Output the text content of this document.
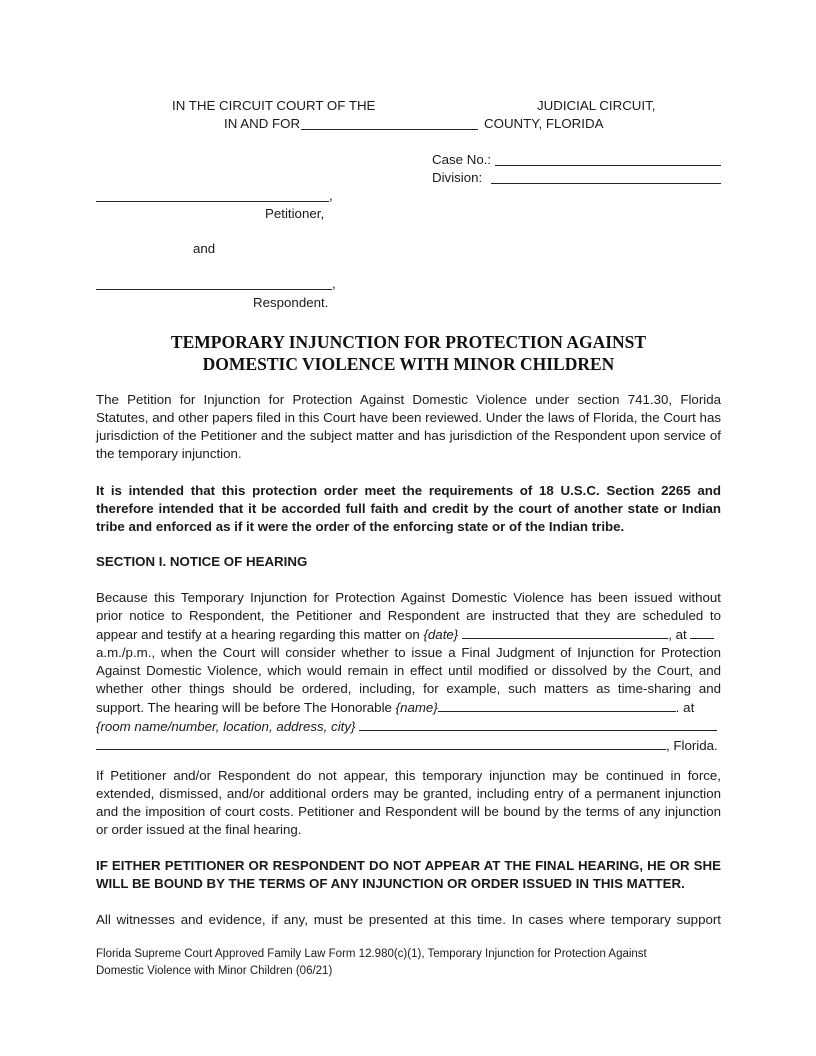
IN THE CIRCUIT COURT OF THE	JUDICIAL CIRCUIT,
IN AND FOR	COUNTY, FLORIDA
Case No.:
Division:
,
Petitioner,
and
,
Respondent.
TEMPORARY INJUNCTION FOR PROTECTION AGAINST
DOMESTIC VIOLENCE WITH MINOR CHILDREN
The Petition for Injunction for Protection Against Domestic Violence under section 741.30, Florida Statutes, and other papers filed in this Court have been reviewed. Under the laws of Florida, the Court has jurisdiction of the Petitioner and the subject matter and has jurisdiction of the Respondent upon service of the temporary injunction.
It is intended that this protection order meet the requirements of 18 U.S.C. Section 2265 and therefore intended that it be accorded full faith and credit by the court of another state or Indian tribe and enforced as if it were the order of the enforcing state or of the Indian tribe.
SECTION I. NOTICE OF HEARING
Because this Temporary Injunction for Protection Against Domestic Violence has been issued without
prior notice to Respondent, the Petitioner and Respondent are instructed that they are scheduled to
appear and testify at a hearing regarding this matter on {date}	, at
a.m./p.m., when the Court will consider whether to issue a Final Judgment of Injunction for Protection
Against Domestic Violence, which would remain in effect until modified or dissolved by the Court, and
whether other things should be ordered, including, for example, such matters as time-sharing and
support. The hearing will be before The Honorable {name}	. at
{room name/number, location, address, city}
, Florida.
If Petitioner and/or Respondent do not appear, this temporary injunction may be continued in force, extended, dismissed, and/or additional orders may be granted, including entry of a permanent injunction and the imposition of court costs. Petitioner and Respondent will be bound by the terms of any injunction or order issued at the final hearing.
IF EITHER PETITIONER OR RESPONDENT DO NOT APPEAR AT THE FINAL HEARING, HE OR SHE WILL BE BOUND BY THE TERMS OF ANY INJUNCTION OR ORDER ISSUED IN THIS MATTER.
All witnesses and evidence, if any, must be presented at this time. In cases where temporary support
Florida Supreme Court Approved Family Law Form 12.980(c)(1), Temporary Injunction for Protection Against
Domestic Violence with Minor Children (06/21)
